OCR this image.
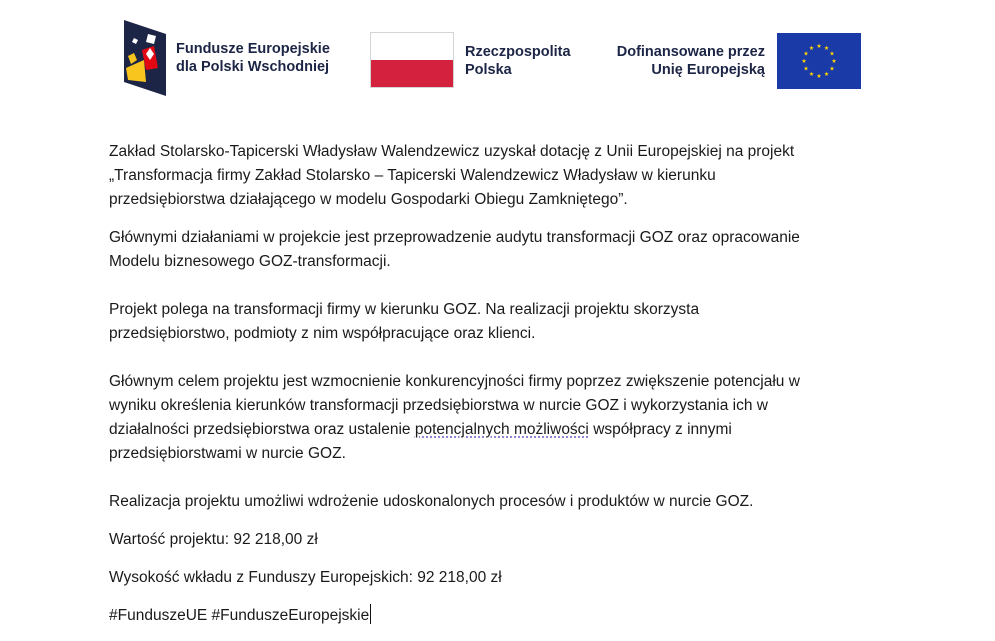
Fundusze Europejskie
dla Polski Wschodniej
Rzeczpospolita
Polska
Dofinansowane przez
Unię Europejską

Zakład Stolarsko-Tapicerski Władysław Walendzewicz uzyskał dotację z Unii Europejskiej na projekt

„Transformacja firmy Zakład Stolarsko – Tapicerski Walendzewicz Władysław w kierunku

przedsiębiorstwa działającego w modelu Gospodarki Obiegu Zamkniętego”.

Głównymi działaniami w projekcie jest przeprowadzenie audytu transformacji GOZ oraz opracowanie

Modelu biznesowego GOZ-transformacji.

Projekt polega na transformacji firmy w kierunku GOZ. Na realizacji projektu skorzysta

przedsiębiorstwo, podmioty z nim współpracujące oraz klienci.

Głównym celem projektu jest wzmocnienie konkurencyjności firmy poprzez zwiększenie potencjału w

wyniku określenia kierunków transformacji przedsiębiorstwa w nurcie GOZ i wykorzystania ich w

działalności przedsiębiorstwa oraz ustalenie potencjalnych możliwości współpracy z innymi

przedsiębiorstwami w nurcie GOZ.

Realizacja projektu umożliwi wdrożenie udoskonalonych procesów i produktów w nurcie GOZ.

Wartość projektu: 92 218,00 zł

Wysokość wkładu z Funduszy Europejskich: 92 218,00 zł

#FunduszeUE #FunduszeEuropejskie
